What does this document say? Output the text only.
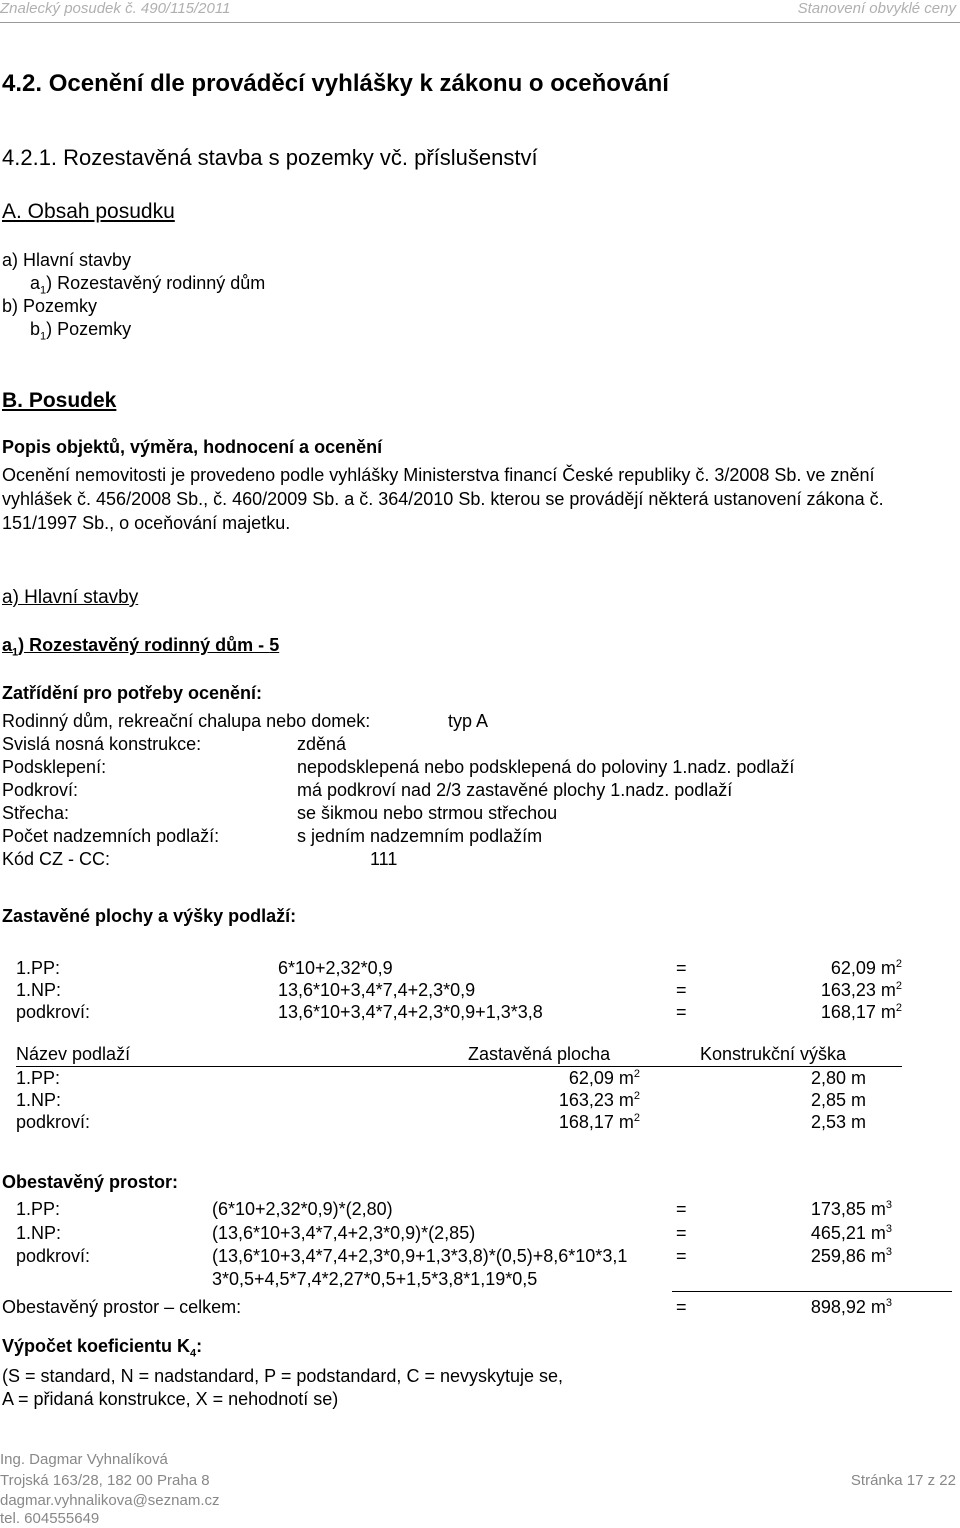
Znalecký posudek č. 490/115/2011	Stanovení obvyklé ceny
4.2. Ocenění dle prováděcí vyhlášky k zákonu o oceňování
4.2.1. Rozestavěná stavba s pozemky vč. příslušenství
A. Obsah posudku
a) Hlavní stavby
$a_1$) Rozestavěný rodinný dům
b) Pozemky
$b_1$) Pozemky
B. Posudek
Popis objektů, výměra, hodnocení a ocenění
Ocenění nemovitosti je provedeno podle vyhlášky Ministerstva financí České republiky č. 3/2008 Sb. ve znění
vyhlášek č. 456/2008 Sb., č. 460/2009 Sb. a č. 364/2010 Sb. kterou se provádějí některá ustanovení zákona č.
151/1997 Sb., o oceňování majetku.
a) Hlavní stavby
$a_1$) Rozestavěný rodinný dům - 5
Zatřídění pro potřeby ocenění:
Rodinný dům, rekreační chalupa nebo domek:	typ A
Svislá nosná konstrukce:	zděná
Podsklepení:	nepodsklepená nebo podsklepená do poloviny 1.nadz. podlaží
Podkroví:	má podkroví nad 2/3 zastavěné plochy 1.nadz. podlaží
Střecha:	se šikmou nebo strmou střechou
Počet nadzemních podlaží:	s jedním nadzemním podlažím
Kód CZ - CC:	111
Zastavěné plochy a výšky podlaží:
1.PP:	6*10+2,32*0,9	=	62,09 $m^2$
1.NP:	13,6*10+3,4*7,4+2,3*0,9	=	163,23 $m^2$
podkroví:	13,6*10+3,4*7,4+2,3*0,9+1,3*3,8	=	168,17 $m^2$
Název podlaží	Zastavěná plocha	Konstrukční výška
1.PP:	62,09 $m^2$	2,80 m
1.NP:	163,23 $m^2$	2,85 m
podkroví:	168,17 $m^2$	2,53 m
Obestavěný prostor:
1.PP:	(6*10+2,32*0,9)*(2,80)	=	173,85 $m^3$
1.NP:	(13,6*10+3,4*7,4+2,3*0,9)*(2,85)	=	465,21 $m^3$
podkroví:	(13,6*10+3,4*7,4+2,3*0,9+1,3*3,8)*(0,5)+8,6*10*3,1	=	259,86 $m^3$
3*0,5+4,5*7,4*2,27*0,5+1,5*3,8*1,19*0,5
Obestavěný prostor – celkem:	=	898,92 $m^3$
Výpočet koeficientu $K_4$:
(S = standard, N = nadstandard, P = podstandard, C = nevyskytuje se,
A = přidaná konstrukce, X = nehodnotí se)
Ing. Dagmar Vyhnalíková
Trojská 163/28, 182 00 Praha 8
dagmar.vyhnalikova@seznam.cz
tel. 604555649
Stránka 17 z 22
